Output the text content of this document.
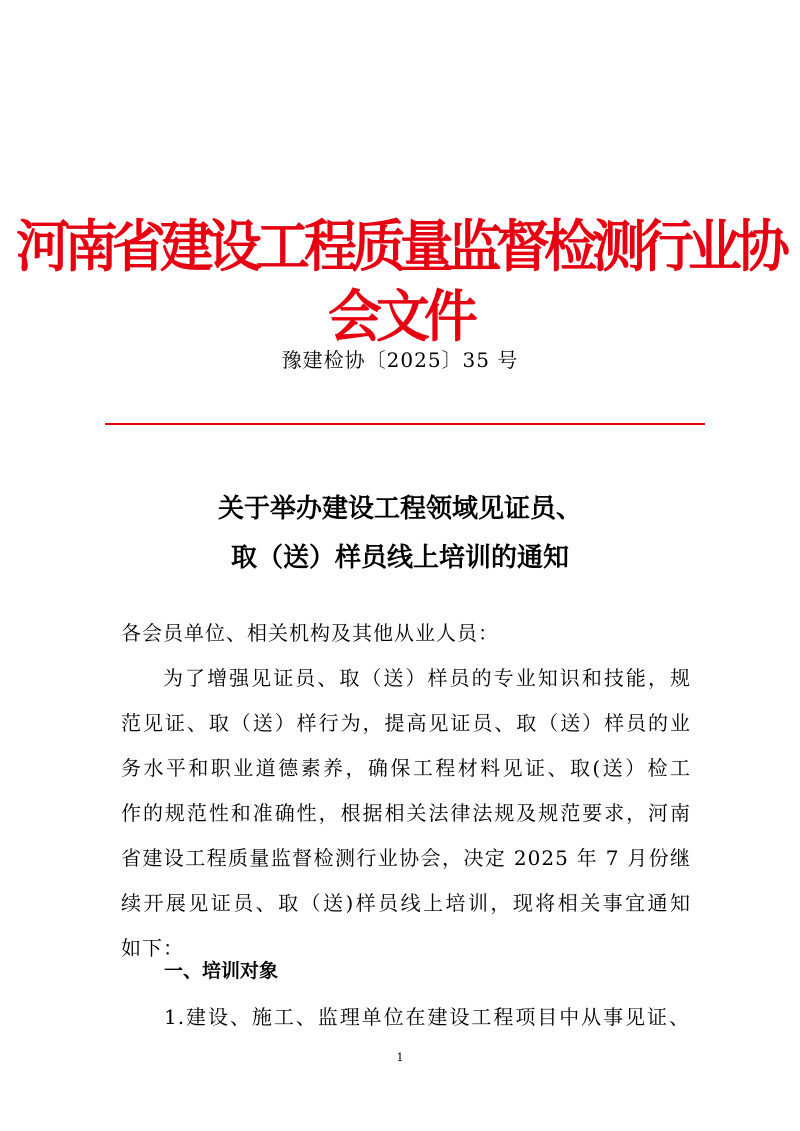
河南省建设工程质量监督检测行业协会文件
豫建检协〔2025〕35 号
关于举办建设工程领域见证员、
取（送）样员线上培训的通知
各会员单位、相关机构及其他从业人员：
为了增强见证员、取（送）样员的专业知识和技能，规
范见证、取（送）样行为，提高见证员、取（送）样员的业
务水平和职业道德素养，确保工程材料见证、取(送）检工
作的规范性和准确性，根据相关法律法规及规范要求，河南
省建设工程质量监督检测行业协会，决定 2025 年 7 月份继
续开展见证员、取（送)样员线上培训，现将相关事宜通知
如下：
一、培训对象
1.建设、施工、监理单位在建设工程项目中从事见证、
1
